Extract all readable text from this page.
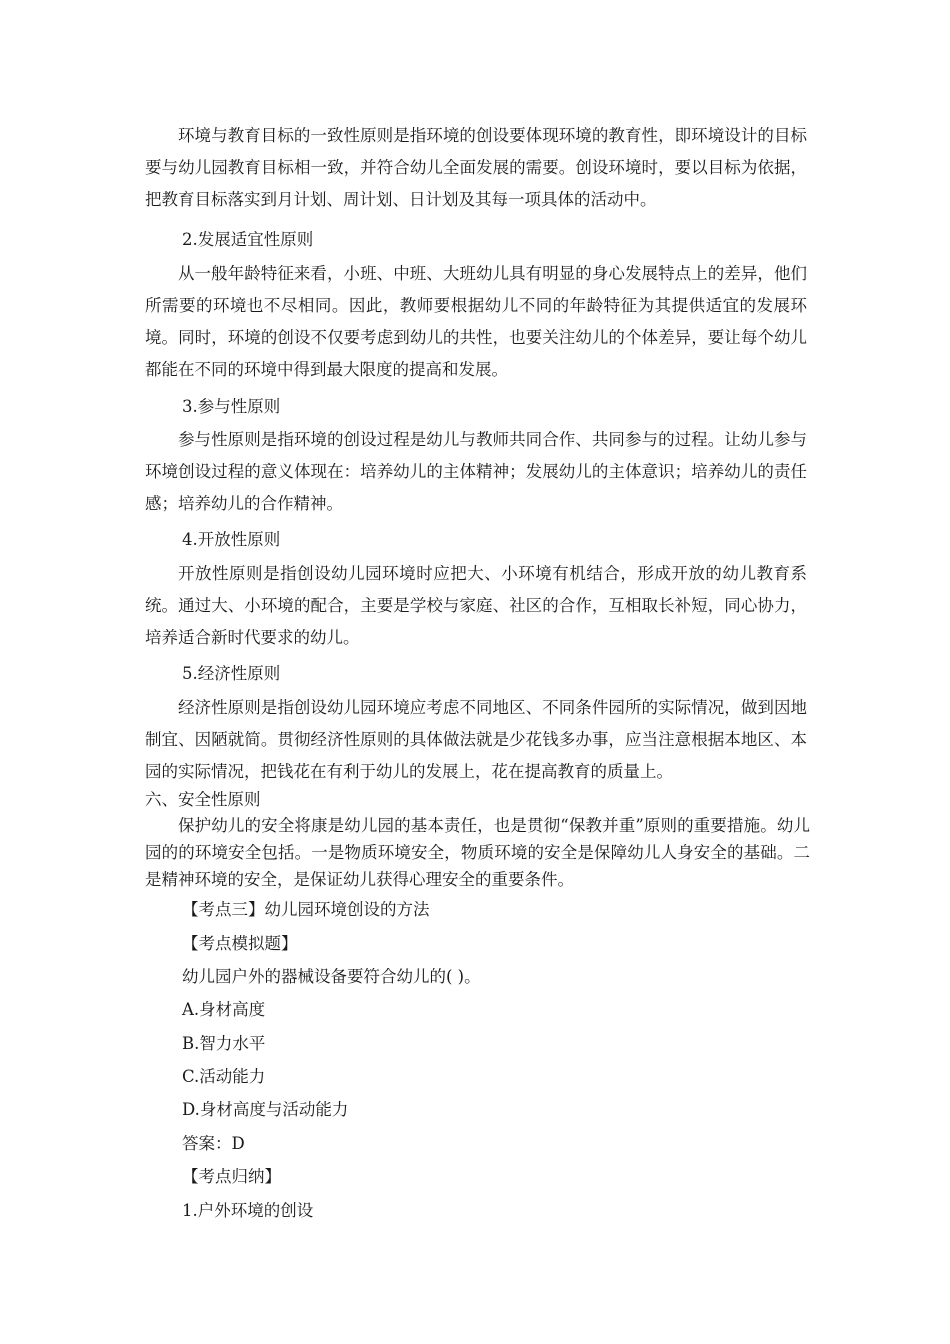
环境与教育目标的一致性原则是指环境的创设要体现环境的教育性，即环境设计的目标要与幼儿园教育目标相一致，并符合幼儿全面发展的需要。创设环境时，要以目标为依据，把教育目标落实到月计划、周计划、日计划及其每一项具体的活动中。

2.发展适宜性原则

从一般年龄特征来看，小班、中班、大班幼儿具有明显的身心发展特点上的差异，他们所需要的环境也不尽相同。因此，教师要根据幼儿不同的年龄特征为其提供适宜的发展环境。同时，环境的创设不仅要考虑到幼儿的共性，也要关注幼儿的个体差异，要让每个幼儿都能在不同的环境中得到最大限度的提高和发展。

3.参与性原则

参与性原则是指环境的创设过程是幼儿与教师共同合作、共同参与的过程。让幼儿参与环境创设过程的意义体现在：培养幼儿的主体精神；发展幼儿的主体意识；培养幼儿的责任感；培养幼儿的合作精神。

4.开放性原则

开放性原则是指创设幼儿园环境时应把大、小环境有机结合，形成开放的幼儿教育系统。通过大、小环境的配合，主要是学校与家庭、社区的合作，互相取长补短，同心协力，培养适合新时代要求的幼儿。

5.经济性原则

经济性原则是指创设幼儿园环境应考虑不同地区、不同条件园所的实际情况，做到因地制宜、因陋就简。贯彻经济性原则的具体做法就是少花钱多办事，应当注意根据本地区、本园的实际情况，把钱花在有利于幼儿的发展上，花在提高教育的质量上。

六、安全性原则

保护幼儿的安全将康是幼儿园的基本责任，也是贯彻“保教并重”原则的重要措施。幼儿园的的环境安全包括。一是物质环境安全，物质环境的安全是保障幼儿人身安全的基础。二是精神环境的安全，是保证幼儿获得心理安全的重要条件。

【考点三】幼儿园环境创设的方法

【考点模拟题】

幼儿园户外的器械设备要符合幼儿的( )。

A.身材高度

B.智力水平

C.活动能力

D.身材高度与活动能力

答案：D

【考点归纳】

1.户外环境的创设
